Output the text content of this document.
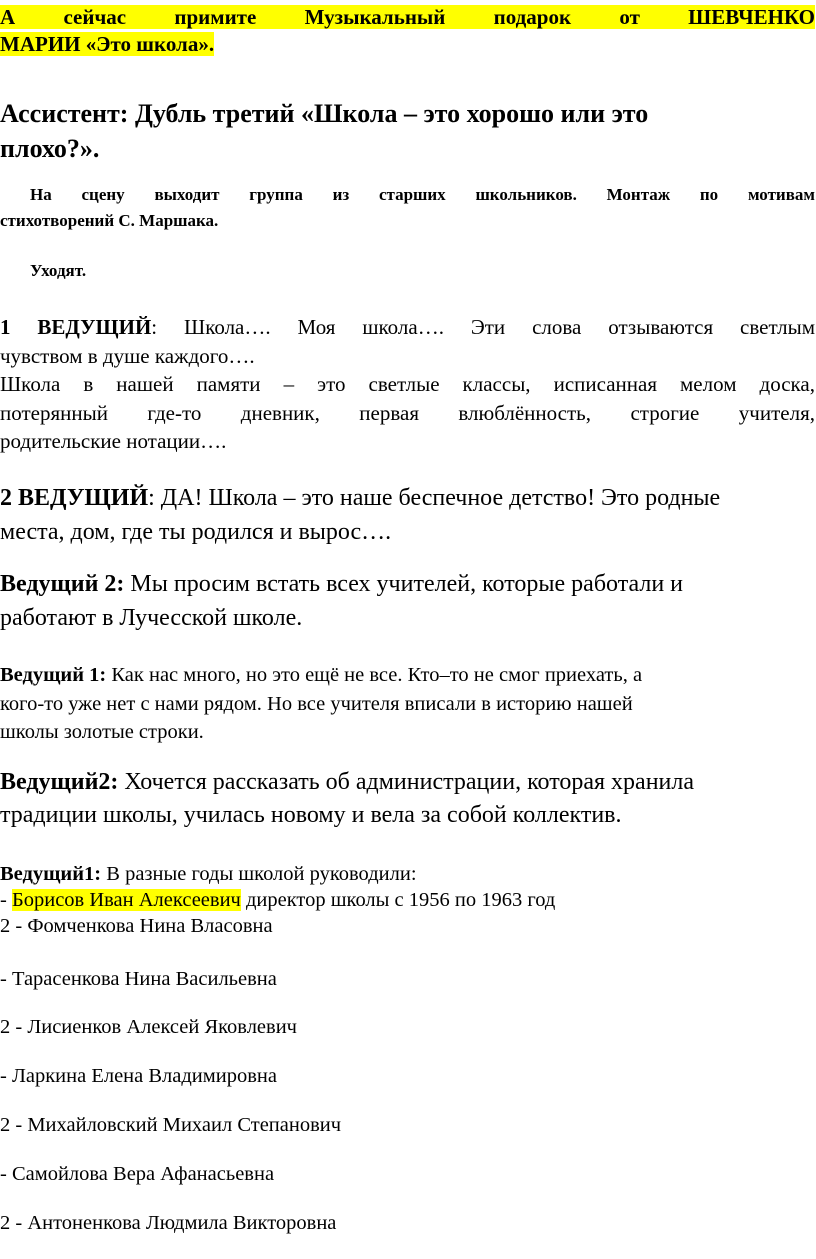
А сейчас примите Музыкальный подарок от ШЕВЧЕНКО

МАРИИ «Это школа».

Ассистент: Дубль третий «Школа – это хорошо или это

плохо?».

На сцену выходит группа из старших школьников. Монтаж по мотивам

стихотворений С. Маршака.

Уходят.

1 ВЕДУЩИЙ: Школа…. Моя школа…. Эти слова отзываются светлым

чувством в душе каждого….

Школа в нашей памяти – это светлые классы, исписанная мелом доска,

потерянный где-то дневник, первая влюблённость, строгие учителя,

родительские нотации….

2 ВЕДУЩИЙ: ДА! Школа – это наше беспечное детство! Это родные

места, дом, где ты родился и вырос….

Ведущий 2: Мы просим встать всех учителей, которые работали и

работают в Лучесской школе.

Ведущий 1: Как нас много, но это ещё не все. Кто–то не смог приехать, а

кого-то уже нет с нами рядом. Но все учителя вписали в историю нашей

школы золотые строки.

Ведущий2: Хочется рассказать об администрации, которая хранила

традиции школы, училась новому и вела за собой коллектив.

Ведущий1: В разные годы школой руководили:

- Борисов Иван Алексеевич директор школы с 1956 по 1963 год

2 - Фомченкова Нина Власовна

- Тарасенкова Нина Васильевна

2 - Лисиенков Алексей Яковлевич

- Ларкина Елена Владимировна

2 - Михайловский Михаил Степанович

- Самойлова Вера Афанасьевна

2 - Антоненкова Людмила Викторовна
